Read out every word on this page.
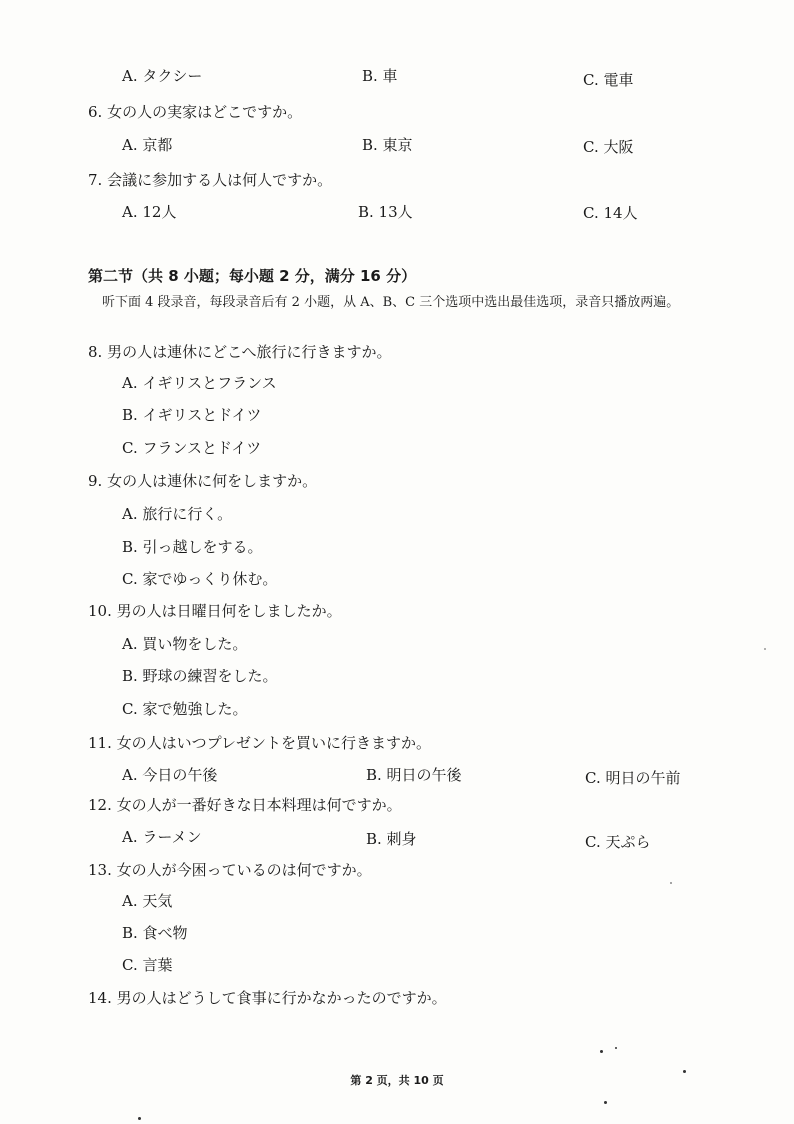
A. タクシー	B. 車	C. 電車
6. 女の人の実家はどこですか。
A. 京都	B. 東京	C. 大阪
7. 会議に参加する人は何人ですか。
A. 12人	B. 13人	C. 14人
第二节（共 8 小题；每小题 2 分，满分 16 分）
听下面 4 段录音，每段录音后有 2 小题，从 A、B、C 三个选项中选出最佳选项，录音只播放两遍。
8. 男の人は連休にどこへ旅行に行きますか。
A. イギリスとフランス
B. イギリスとドイツ
C. フランスとドイツ
9. 女の人は連休に何をしますか。
A. 旅行に行く。
B. 引っ越しをする。
C. 家でゆっくり休む。
10. 男の人は日曜日何をしましたか。
A. 買い物をした。
B. 野球の練習をした。
C. 家で勉強した。
11. 女の人はいつプレゼントを買いに行きますか。
A. 今日の午後	B. 明日の午後	C. 明日の午前
12. 女の人が一番好きな日本料理は何ですか。
A. ラーメン	B. 刺身	C. 天ぷら
13. 女の人が今困っているのは何ですか。
A. 天気
B. 食べ物
C. 言葉
14. 男の人はどうして食事に行かなかったのですか。
第 2 页，共 10 页
